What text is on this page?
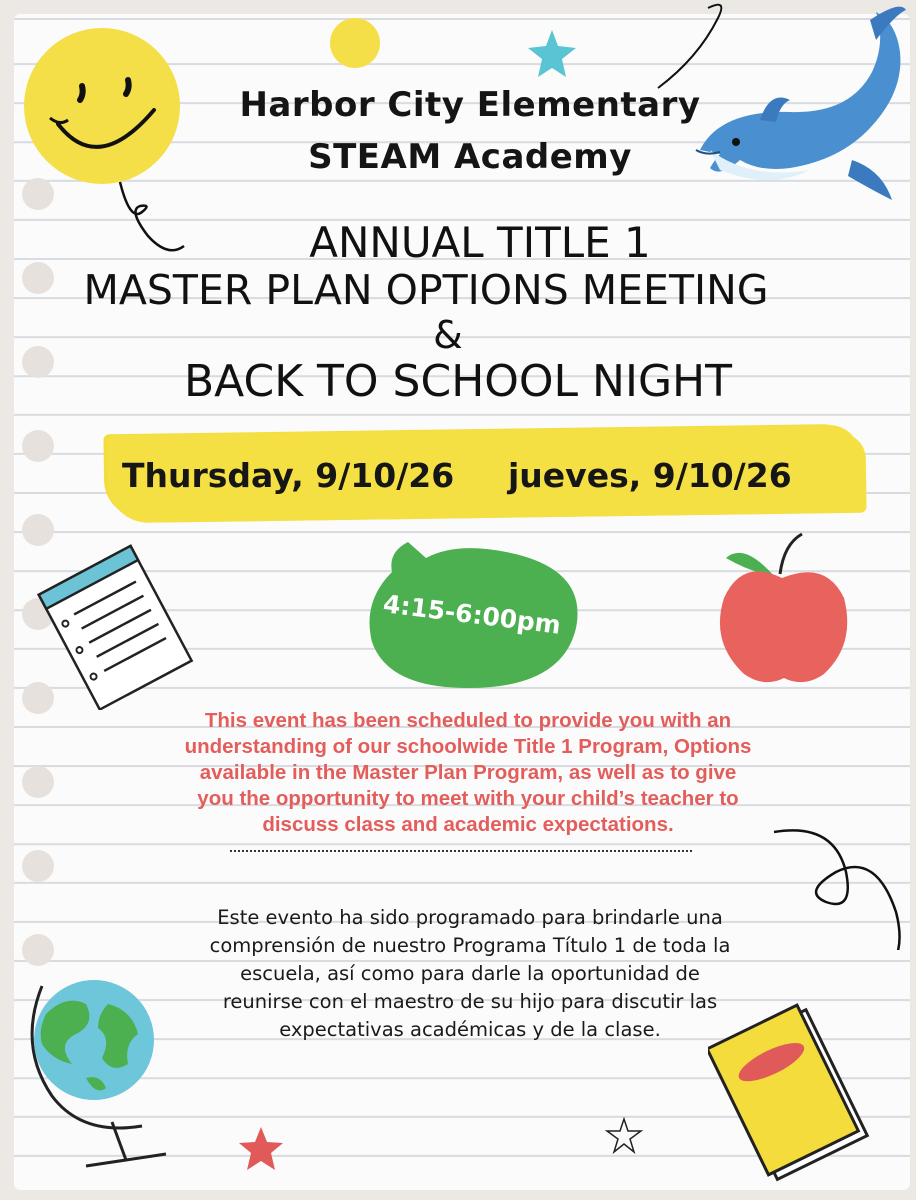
Harbor City Elementary
STEAM Academy
ANNUAL TITLE 1
MASTER PLAN OPTIONS MEETING
&
BACK TO SCHOOL NIGHT
Thursday, 9/10/26 jueves, 9/10/26
4:15-6:00pm
This event has been scheduled to provide you with an
understanding of our schoolwide Title 1 Program, Options
available in the Master Plan Program, as well as to give
you the opportunity to meet with your child’s teacher to
discuss class and academic expectations.
Este evento ha sido programado para brindarle una
comprensión de nuestro Programa Título 1 de toda la
escuela, así como para darle la oportunidad de
reunirse con el maestro de su hijo para discutir las
expectativas académicas y de la clase.
